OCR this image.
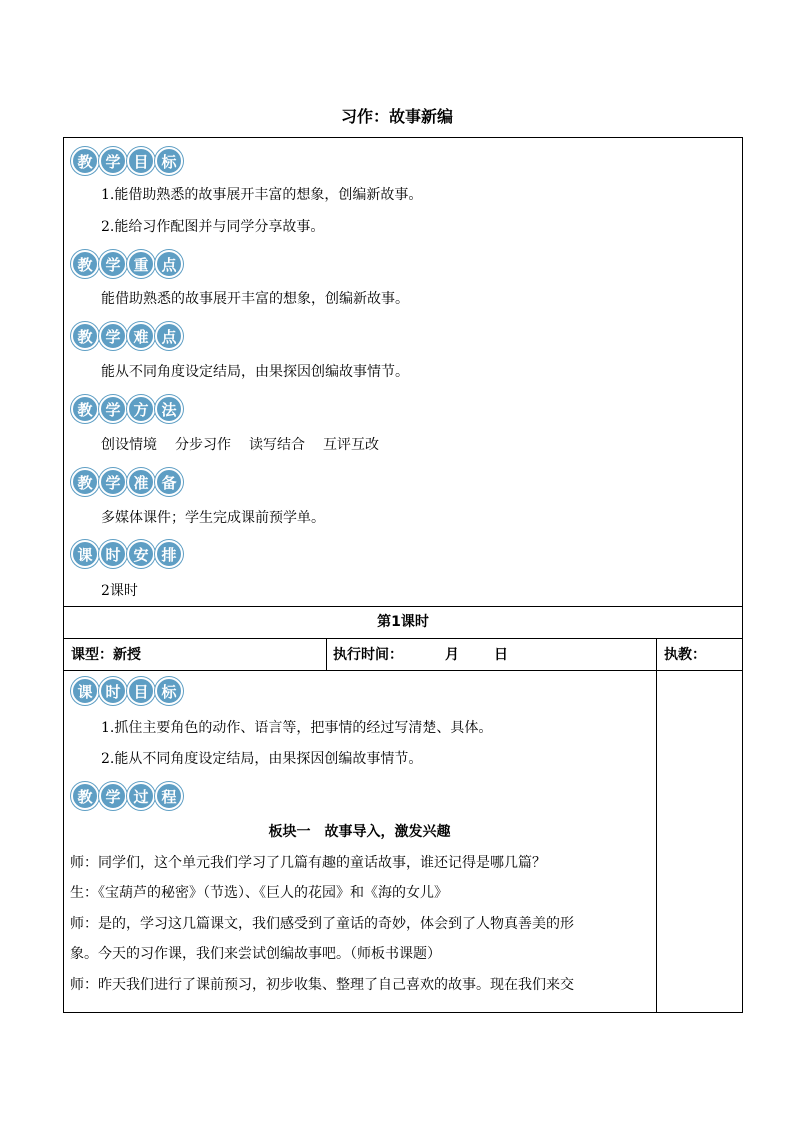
习作：故事新编
教 学 目 标
1.能借助熟悉的故事展开丰富的想象，创编新故事。
2.能给习作配图并与同学分享故事。
教 学 重 点
能借助熟悉的故事展开丰富的想象，创编新故事。
教 学 难 点
能从不同角度设定结局，由果探因创编故事情节。
教 学 方 法
创设情境 分步习作 读写结合 互评互改
教 学 准 备
多媒体课件；学生完成课前预学单。
课 时 安 排
2课时
第1课时
课型：新授	执行时间：	月	日	执教：
课 时 目 标
1.抓住主要角色的动作、语言等，把事情的经过写清楚、具体。
2.能从不同角度设定结局，由果探因创编故事情节。
教 学 过 程
板块一　故事导入，激发兴趣
师：同学们，这个单元我们学习了几篇有趣的童话故事，谁还记得是哪几篇？
生：《宝葫芦的秘密》（节选）、《巨人的花园》和《海的女儿》
师：是的，学习这几篇课文，我们感受到了童话的奇妙，体会到了人物真善美的形
象。今天的习作课，我们来尝试创编故事吧。（师板书课题）
师：昨天我们进行了课前预习，初步收集、整理了自己喜欢的故事。现在我们来交
